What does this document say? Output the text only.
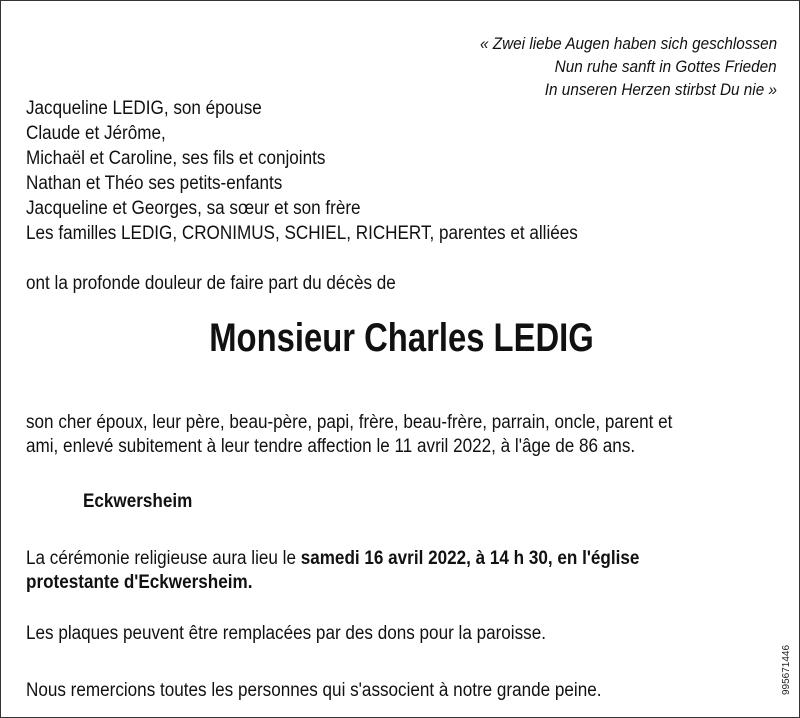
« Zwei liebe Augen haben sich geschlossen
Nun ruhe sanft in Gottes Frieden
In unseren Herzen stirbst Du nie »
Jacqueline LEDIG, son épouse
Claude et Jérôme,
Michaël et Caroline, ses fils et conjoints
Nathan et Théo ses petits-enfants
Jacqueline et Georges, sa sœur et son frère
Les familles LEDIG, CRONIMUS, SCHIEL, RICHERT, parentes et alliées
ont la profonde douleur de faire part du décès de
Monsieur Charles LEDIG
son cher époux, leur père, beau-père, papi, frère, beau-frère, parrain, oncle, parent et
ami, enlevé subitement à leur tendre affection le 11 avril 2022, à l'âge de 86 ans.
Eckwersheim
La cérémonie religieuse aura lieu le samedi 16 avril 2022, à 14 h 30, en l'église
protestante d'Eckwersheim.
Les plaques peuvent être remplacées par des dons pour la paroisse.
Nous remercions toutes les personnes qui s'associent à notre grande peine.	995671446
